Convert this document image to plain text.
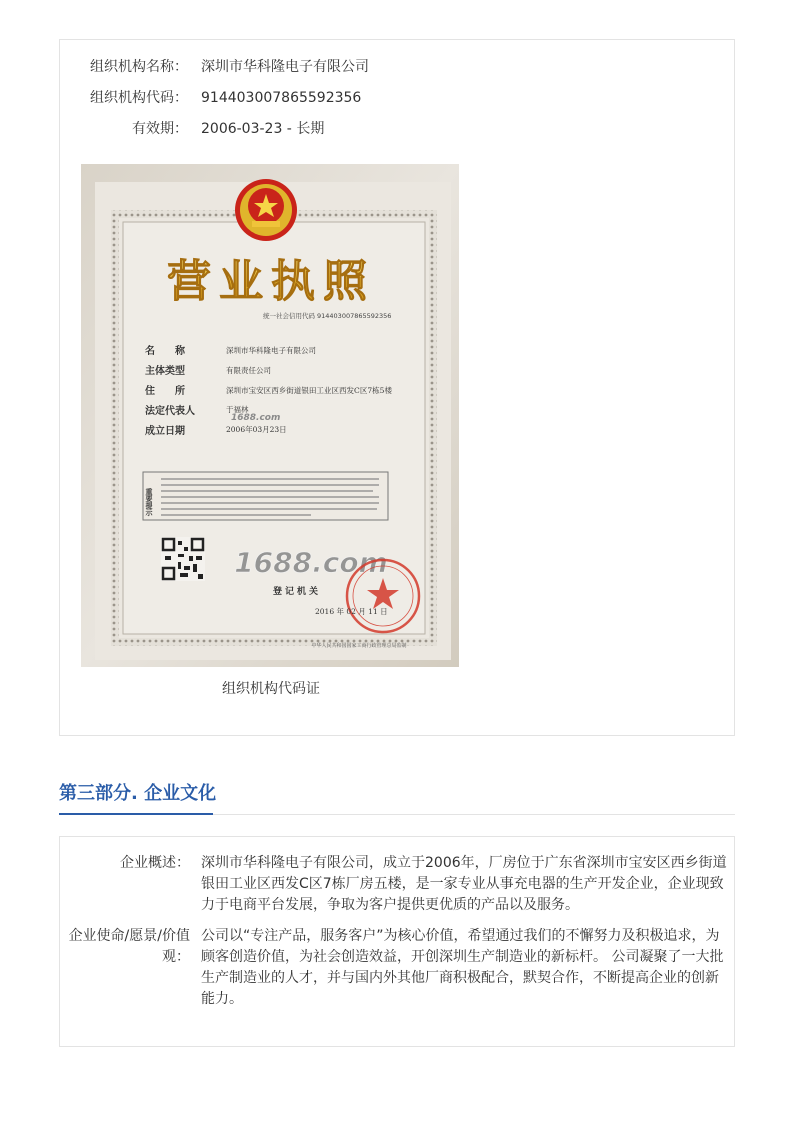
组织机构名称： 深圳市华科隆电子有限公司
组织机构代码： 914403007865592356
有效期： 2006-03-23 - 长期
营业执照
统一社会信用代码 914403007865592356
名　　称
主体类型
住　　所
法定代表人
成立日期
深圳市华科隆电子有限公司
有限责任公司
深圳市宝安区西乡街道银田工业区西发C区7栋5楼
于福林
2006年03月23日
1688.com
重要提示
1688.com
登记机关
2016 年 02 月 11 日
中华人民共和国国家工商行政管理总局监制
组织机构代码证
第三部分. 企业文化
企业概述： 深圳市华科隆电子有限公司，成立于2006年，厂房位于广东省深圳市宝安区西乡街道银田工业区西发C区7栋厂房五楼，是一家专业从事充电器的生产开发企业，企业现致力于电商平台发展，争取为客户提供更优质的产品以及服务。
企业使命/愿景/价值观：
公司以“专注产品，服务客户”为核心价值，希望通过我们的不懈努力及积极追求，为顾客创造价值，为社会创造效益，开创深圳生产制造业的新标杆。 公司凝聚了一大批生产制造业的人才，并与国内外其他厂商积极配合，默契合作，不断提高企业的创新能力。
